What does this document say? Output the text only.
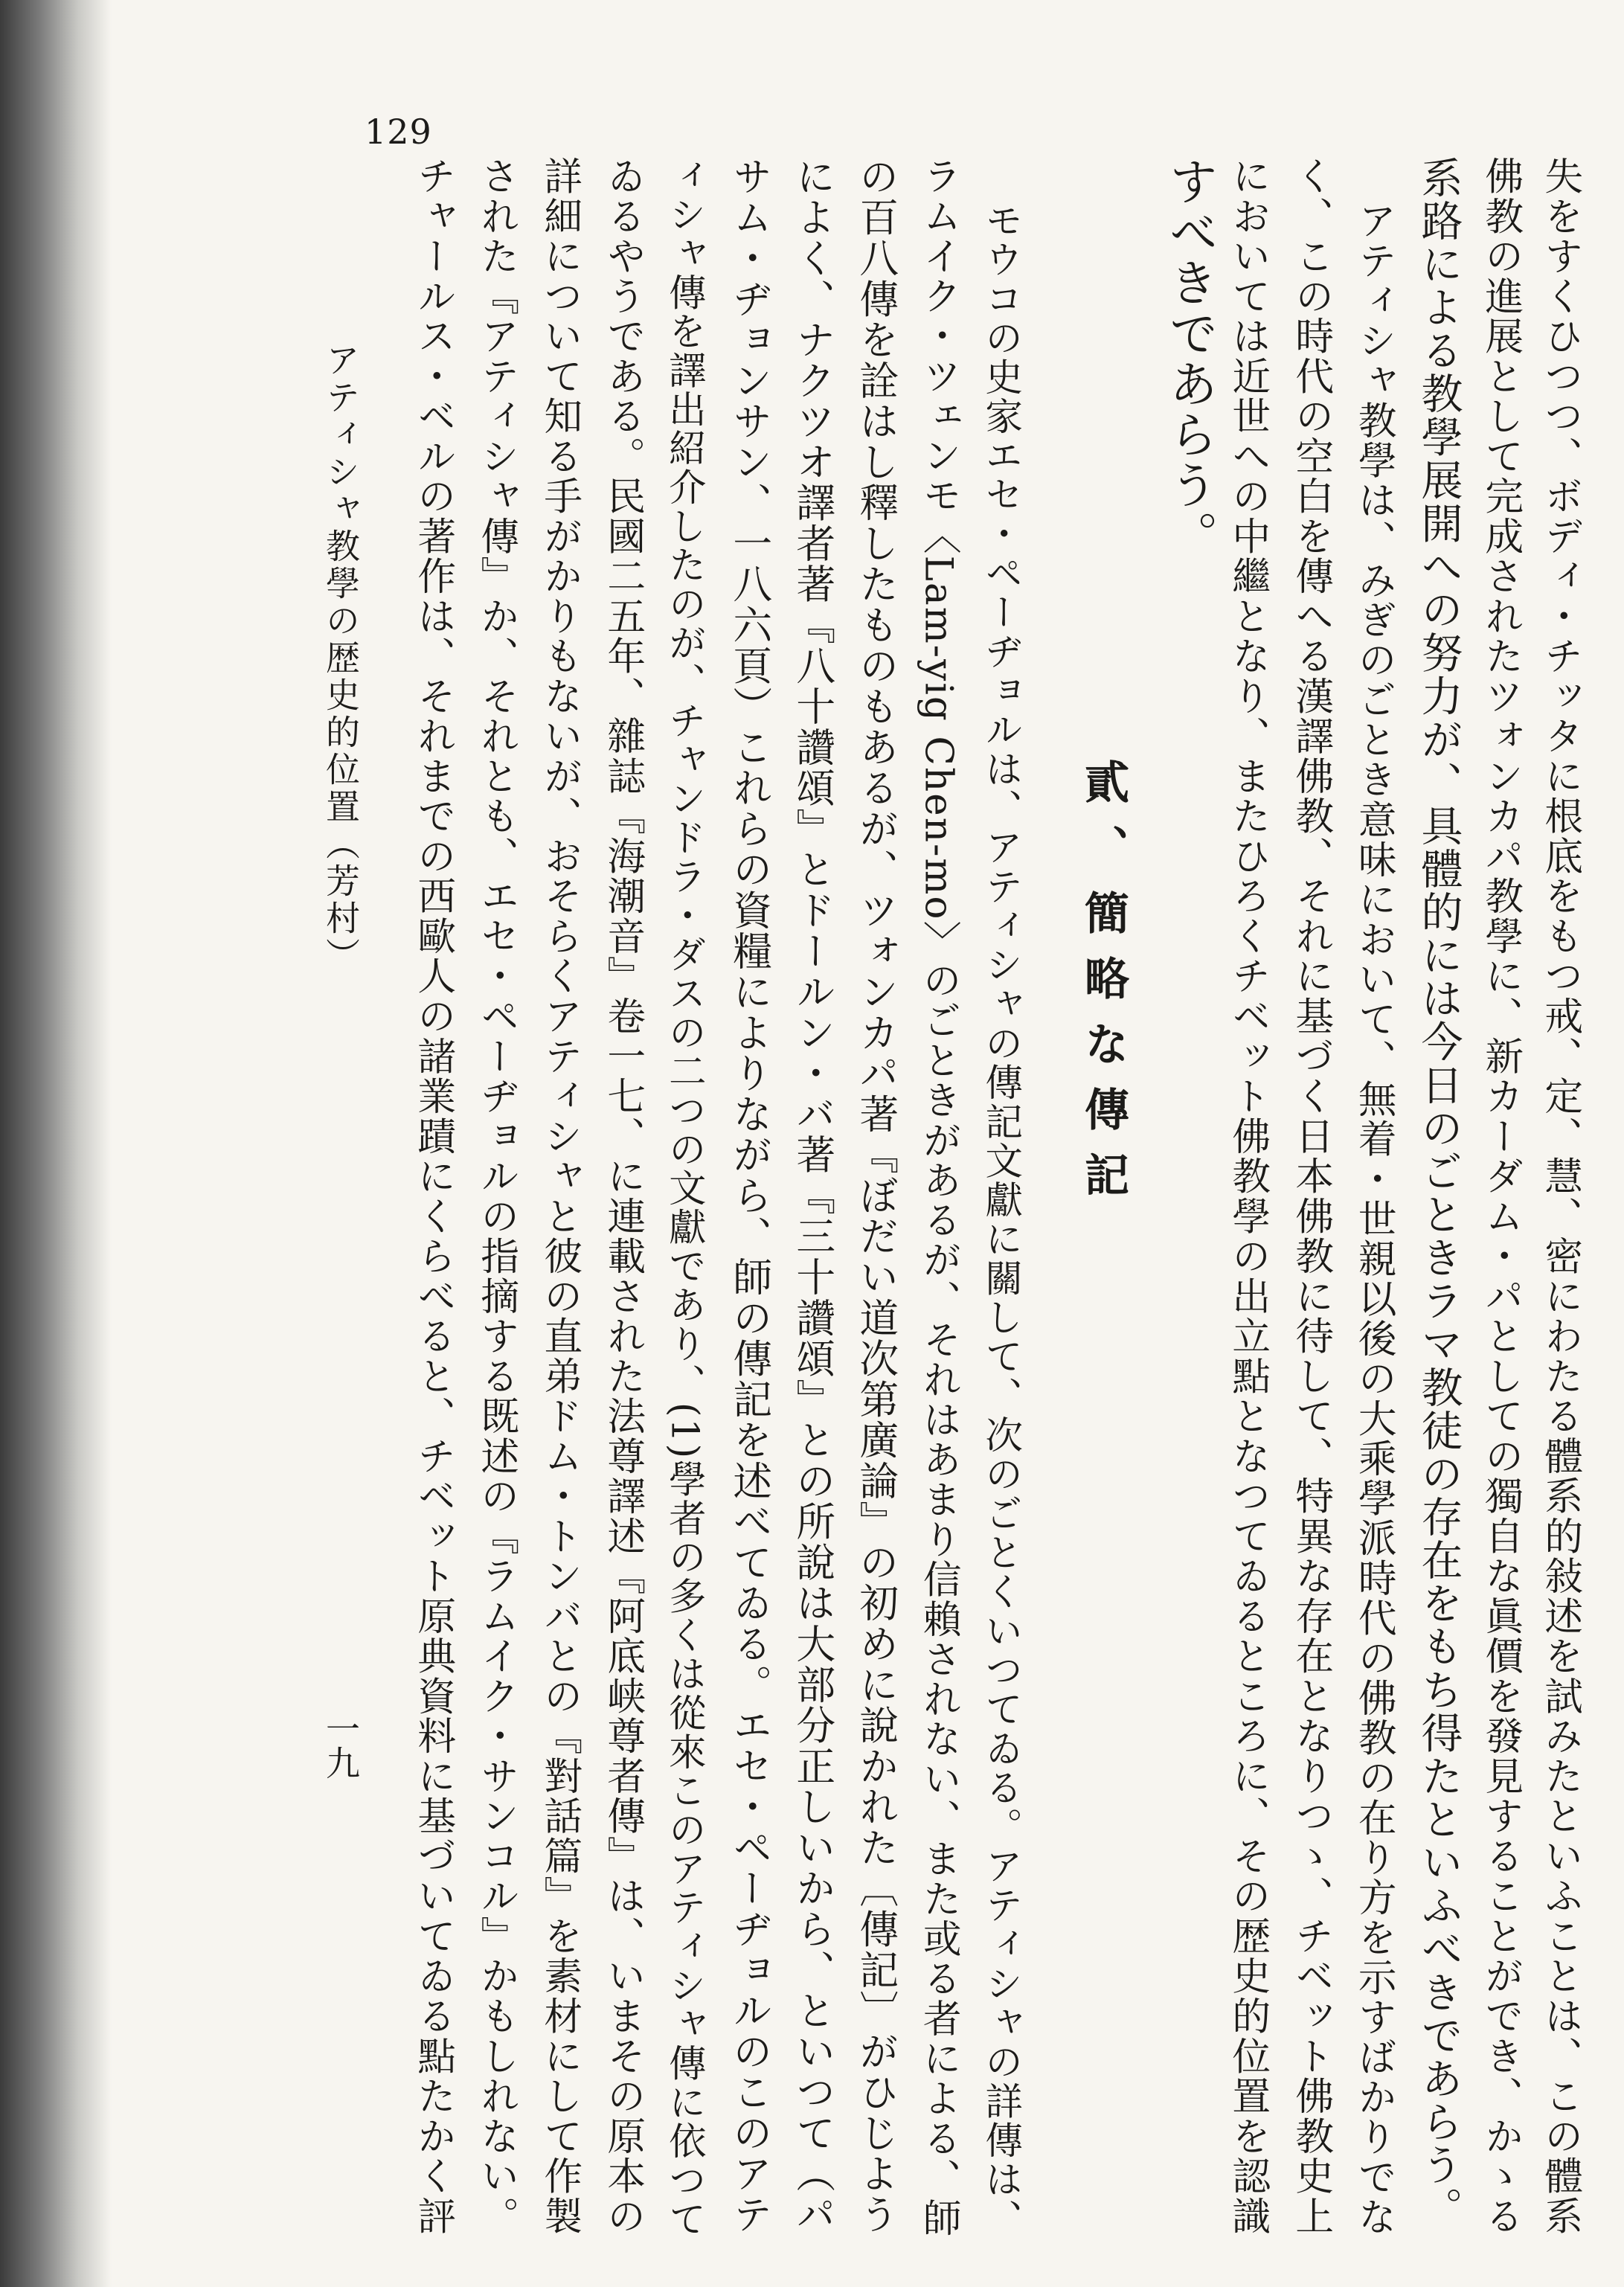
129
失をすくひつつ、ボディ・チッタに根底をもつ戒、定、慧、密にわたる體系的敍述を試みたといふことは、この體系
佛教の進展として完成されたツォンカパ教學に、新カーダム・パとしての獨自な眞價を發見することができ、かゝる
系路による教學展開への努力が、具體的には今日のごときラマ教徒の存在をもち得たといふべきであらう。
アティシャ教學は、みぎのごとき意味において、無着・世親以後の大乘學派時代の佛教の在り方を示すばかりでな
く、この時代の空白を傳へる漢譯佛教、それに基づく日本佛教に待して、特異な存在となりつゝ、チベット佛教史上
においては近世への中繼となり、またひろくチベット佛教學の出立點となつてゐるところに、その歴史的位置を認識
すべきであらう。
貳、簡略な傳記
モウコの史家エセ・ペーヂョルは、アティシャの傳記文獻に關して、次のごとくいつてゐる。アティシャの詳傳は、
ラムイク・ツェンモ〈Lam-yig Chen-mo〉のごときがあるが、それはあまり信賴されない、また或る者による、師
の百八傳を詮はし釋したものもあるが、ツォンカパ著『ぼだい道次第廣論』の初めに說かれた〔傳記〕がひじよう
によく、ナクツオ譯者著『八十讚頌』とドールン・バ著『三十讚頌』との所說は大部分正しいから、といつて（パ
サム・ヂョンサン、一八六頁）これらの資糧によりながら、師の傳記を述べてゐる。エセ・ペーヂョルのこのアテ
ィシャ傳を譯出紹介したのが、チャンドラ・ダスの二つの文獻であり、(1)學者の多くは從來このアティシャ傳に依つて
ゐるやうである。民國二五年、雜誌『海潮音』卷一七、に連載された法尊譯述『阿底峡尊者傳』は、いまその原本の
詳細について知る手がかりもないが、おそらくアティシャと彼の直弟ドム・トンバとの『對話篇』を素材にして作製
された『アティシャ傳』か、それとも、エセ・ペーヂョルの指摘する既述の『ラムイク・サンコル』かもしれない。
チャールス・ベルの著作は、それまでの西歐人の諸業蹟にくらべると、チベット原典資料に基づいてゐる點たかく評
アティシャ教學の歴史的位置（芳村）
一九
